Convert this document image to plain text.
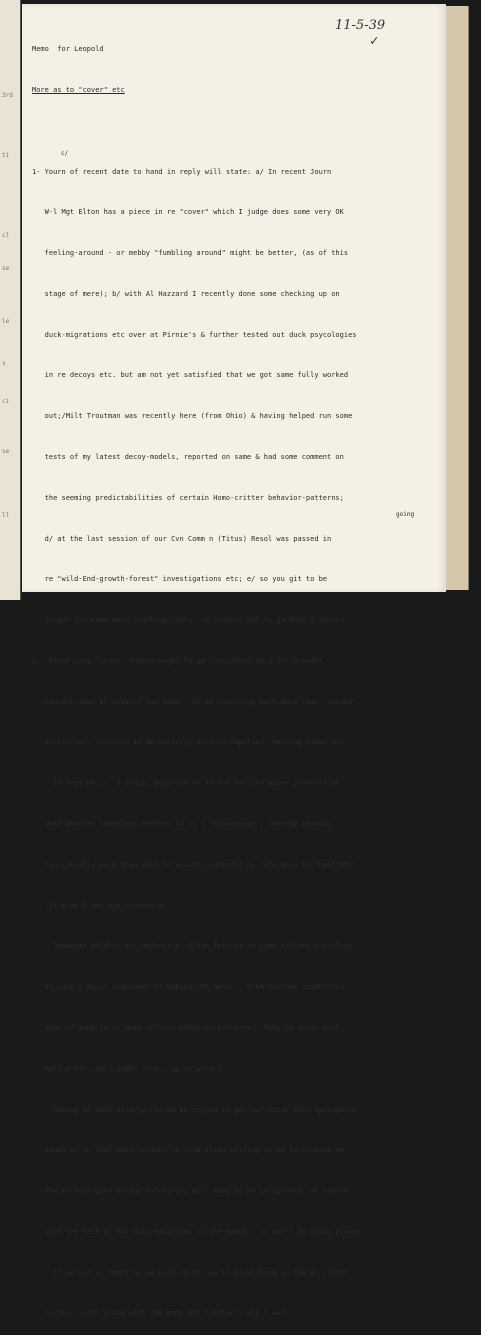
3rd
ti
cl
se
le
s
ci
se
ll
11-5-39
✓
c/
going

Memo  for Leopold

More as to "cover" etc

1- Yourn of recent date to hand in reply will state: a/ In recent Journ

W-l Mgt Elton has a piece in re "cover" which I judge does some very OK

feeling-around - or mebby "fumbling around" might be better, (as of this

stage of mere); b/ with Al Hazzard I recently done some checking up on

duck-migrations etc over at Pirnie's & further tested out duck psycologies

in re decoys etc. but am not yet satisfied that we got same fully worked

out;/Milt Troutman was recently here (from Ohio) & having helped run some

tests of my latest decoy-models, reported on same & had some comment on

the seeming predictabilities of certain Homo-critter behavior-patterns;

d/ at the last session of our Cvn Comm n (Titus) Resol was passed in

re "wild-End-growth-forest" investigations etc; e/ so you git to be

target for some more sighting shots, (& carbons apt to go hear & there).

2-  Elton says "cover" should-ought to be considered as a lot broader

concept than it usually has been:- ie as involving much more than "escape"

facilities, location in OK vicinity to food-supplies, nesting-sites etc.

In that he is, I judge, begining to factor out the major elements of

what Wheeler sometimes refered to as a "biocoenose"; thereby meaning

considerably more than what is usually intended by reference to "habitats",

(if & as I got him correctly).

Somewhat mildly, but definitly, Elton fetches in some critter-psycology

as such a major component of habitat-OK-ness... & he further adumbrates

some of same in re Homo-critter behavior-patterns! (They do their best

mating etc, only under cover, as it were.)

Having to date utterly failed in trying to get our local Anthropologists

tuned in on that wave-length, to find Elton getting in on it pleases me.

The technologies of our wildlifers will have to be integrated, of course,

with the Tech-Ec-Soc-poly equations of the Homos - or won't be going places

If we are as smart as we need to be, we'll be working on the H.critter

factors right along with the game etc critters, won't we?
